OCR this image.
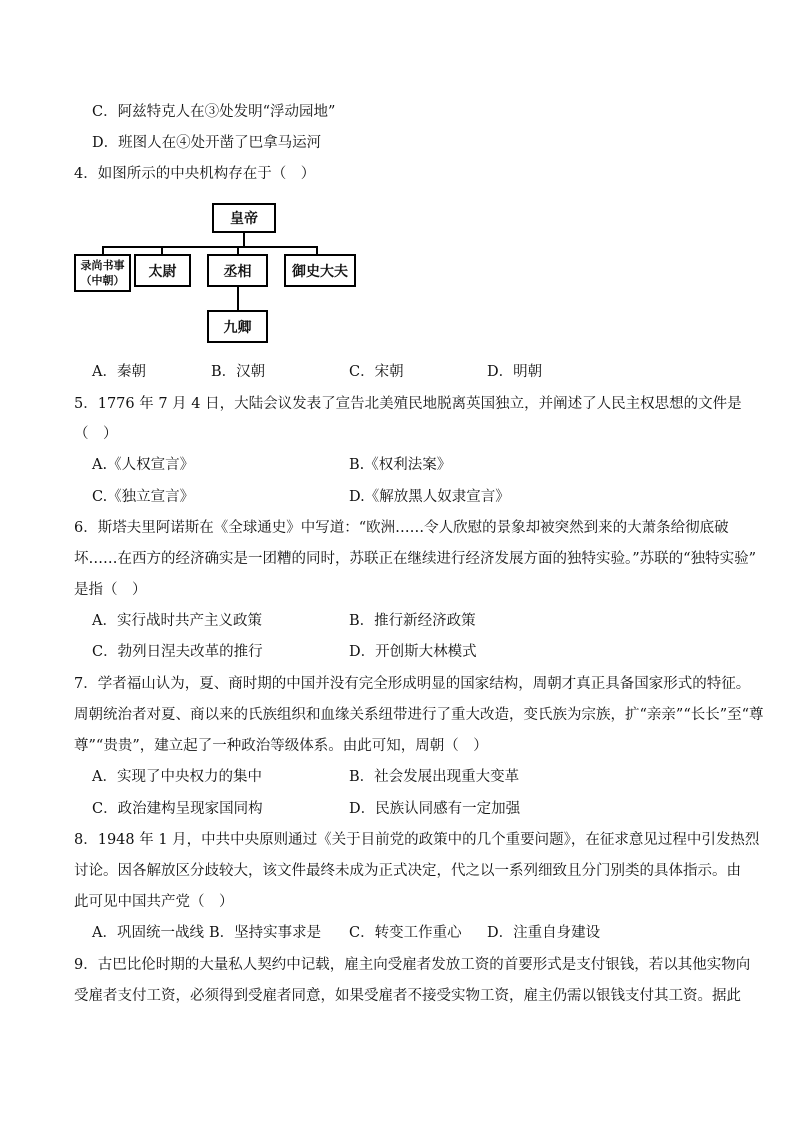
C．阿兹特克人在③处发明“浮动园地”
D．班图人在④处开凿了巴拿马运河
4．如图所示的中央机构存在于（　）
皇帝
录尚书事
（中朝）
太尉	丞相	御史大夫
九卿
A．秦朝	B．汉朝	C．宋朝	D．明朝
5．1776 年 7 月 4 日，大陆会议发表了宣告北美殖民地脱离英国独立，并阐述了人民主权思想的文件是
（　）
A.《人权宣言》	B.《权利法案》
C.《独立宣言》	D.《解放黑人奴隶宣言》
6．斯塔夫里阿诺斯在《全球通史》中写道：“欧洲……令人欣慰的景象却被突然到来的大萧条给彻底破
坏……在西方的经济确实是一团糟的同时，苏联正在继续进行经济发展方面的独特实验。”苏联的“独特实验”
是指（　）
A．实行战时共产主义政策	B．推行新经济政策
C．勃列日涅夫改革的推行	D．开创斯大林模式
7．学者福山认为，夏、商时期的中国并没有完全形成明显的国家结构，周朝才真正具备国家形式的特征。
周朝统治者对夏、商以来的氏族组织和血缘关系纽带进行了重大改造，变氏族为宗族，扩“亲亲”“长长”至“尊
尊”“贵贵”，建立起了一种政治等级体系。由此可知，周朝（　）
A．实现了中央权力的集中	B．社会发展出现重大变革
C．政治建构呈现家国同构	D．民族认同感有一定加强
8．1948 年 1 月，中共中央原则通过《关于目前党的政策中的几个重要问题》，在征求意见过程中引发热烈
讨论。因各解放区分歧较大，该文件最终未成为正式决定，代之以一系列细致且分门别类的具体指示。由
此可见中国共产党（　）
A．巩固统一战线 B．坚持实事求是 C．转变工作重心 D．注重自身建设
9．古巴比伦时期的大量私人契约中记载，雇主向受雇者发放工资的首要形式是支付银钱，若以其他实物向
受雇者支付工资，必须得到受雇者同意，如果受雇者不接受实物工资，雇主仍需以银钱支付其工资。据此
